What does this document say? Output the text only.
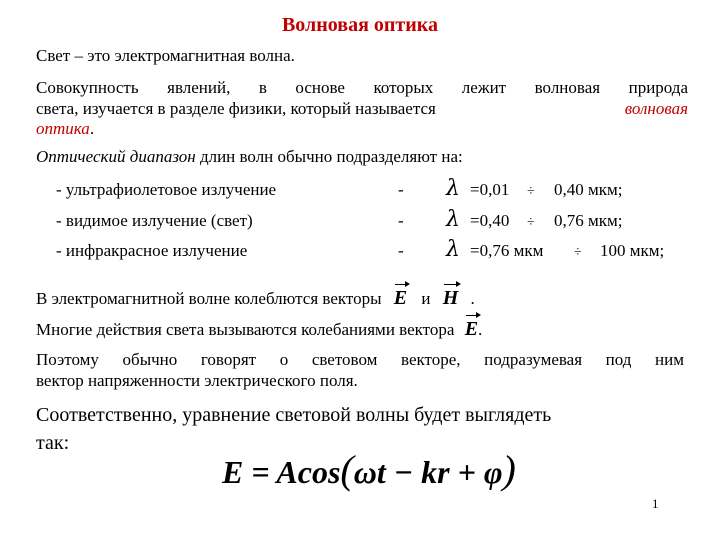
Волновая оптика
Свет – это электромагнитная волна.
Совокупность явлений, в основе которых лежит волновая природа
света, изучается в разделе физики, который называется	волновая
оптика.
Оптический диапазон длин волн обычно подразделяют на:
- ультрафиолетовое излучение	- λ =0,01 ÷ 0,40 мкм;
- видимое излучение (свет)	- λ =0,40 ÷ 0,76 мкм;
- инфракрасное излучение	- λ =0,76 мкм ÷ 100 мкм;
В электромагнитной волне колеблются векторы E и H .
Многие действия света вызываются колебаниями вектора E.
Поэтому обычно говорят о световом векторе, подразумевая под ним
вектор напряженности электрического поля.
Соответственно, уравнение световой волны будет выглядеть
так:
E = Acos(ωt − kr + φ)
1
